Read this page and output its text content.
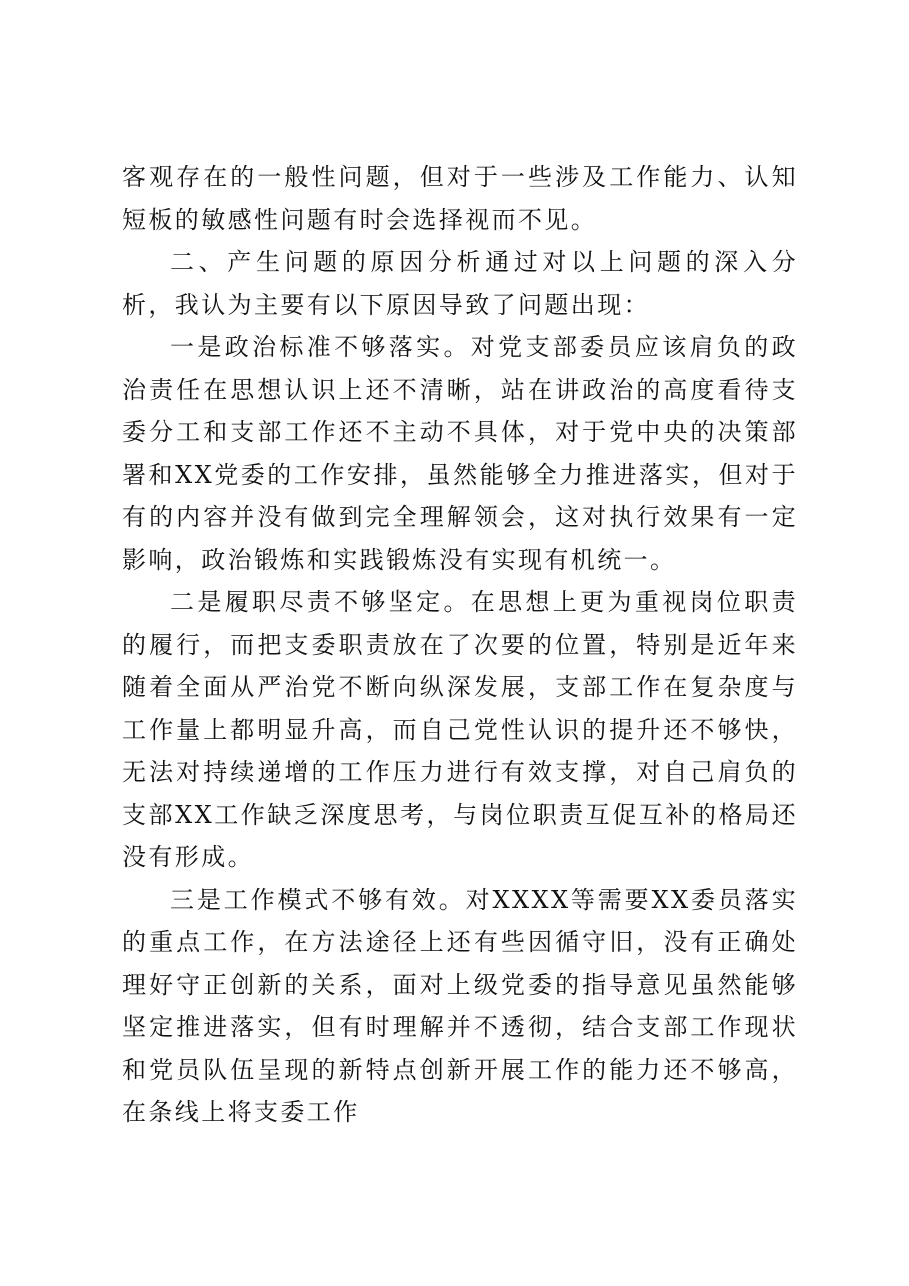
客观存在的一般性问题，但对于一些涉及工作能力、认知短板的敏感性问题有时会选择视而不见。

二、产生问题的原因分析通过对以上问题的深入分析，我认为主要有以下原因导致了问题出现：

一是政治标准不够落实。对党支部委员应该肩负的政治责任在思想认识上还不清晰，站在讲政治的高度看待支委分工和支部工作还不主动不具体，对于党中央的决策部署和XX党委的工作安排，虽然能够全力推进落实，但对于有的内容并没有做到完全理解领会，这对执行效果有一定影响，政治锻炼和实践锻炼没有实现有机统一。

二是履职尽责不够坚定。在思想上更为重视岗位职责的履行，而把支委职责放在了次要的位置，特别是近年来随着全面从严治党不断向纵深发展，支部工作在复杂度与工作量上都明显升高，而自己党性认识的提升还不够快，无法对持续递增的工作压力进行有效支撑，对自己肩负的支部XX工作缺乏深度思考，与岗位职责互促互补的格局还没有形成。

三是工作模式不够有效。对XXXX等需要XX委员落实的重点工作，在方法途径上还有些因循守旧，没有正确处理好守正创新的关系，面对上级党委的指导意见虽然能够坚定推进落实，但有时理解并不透彻，结合支部工作现状和党员队伍呈现的新特点创新开展工作的能力还不够高，在条线上将支委工作
